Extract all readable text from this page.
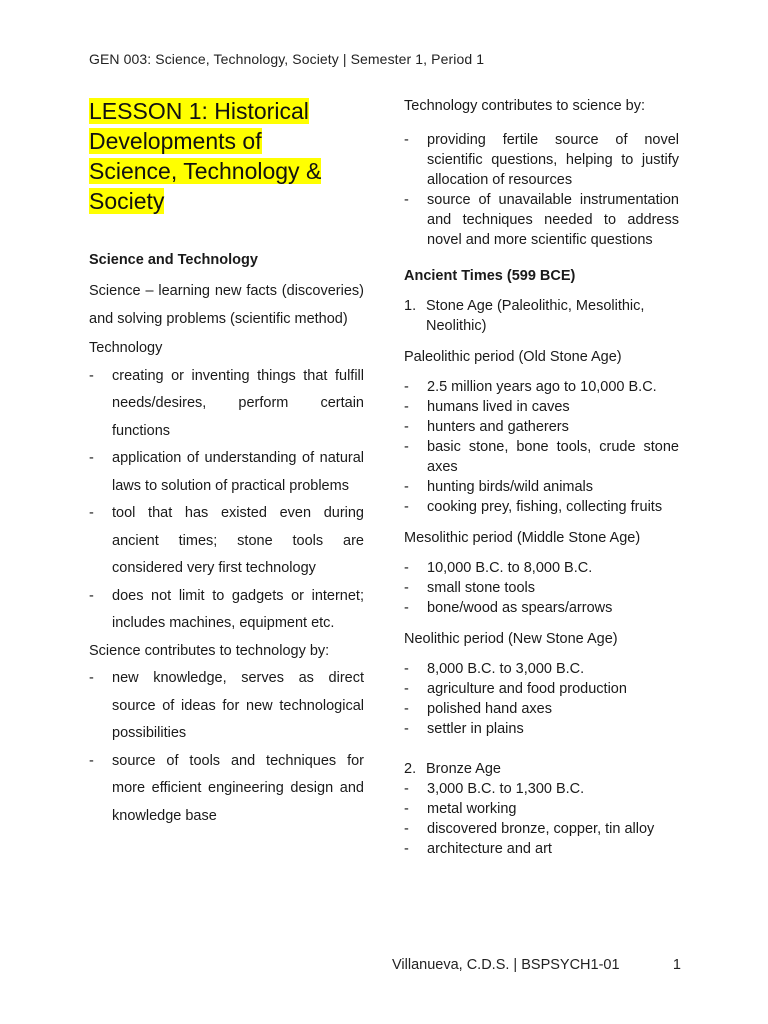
GEN 003: Science, Technology, Society | Semester 1, Period 1
LESSON 1: Historical
Developments of
Science, Technology &
Society
Science and Technology

Science – learning new facts (discoveries) and solving problems (scientific method)

Technology
- creating or inventing things that fulfill needs/desires, perform certain functions
- application of understanding of natural laws to solution of practical problems
- tool that has existed even during ancient times; stone tools are considered very first technology
- does not limit to gadgets or internet; includes machines, equipment etc.
Science contributes to technology by:
- new knowledge, serves as direct source of ideas for new technological possibilities
- source of tools and techniques for more efficient engineering design and knowledge base
Technology contributes to science by:
- providing fertile source of novel scientific questions, helping to justify allocation of resources
- source of unavailable instrumentation and techniques needed to address novel and more scientific questions
Ancient Times (599 BCE)
1. Stone Age (Paleolithic, Mesolithic, Neolithic)
Paleolithic period (Old Stone Age)
- 2.5 million years ago to 10,000 B.C.
- humans lived in caves
- hunters and gatherers
- basic stone, bone tools, crude stone axes
- hunting birds/wild animals
- cooking prey, fishing, collecting fruits
Mesolithic period (Middle Stone Age)
- 10,000 B.C. to 8,000 B.C.
- small stone tools
- bone/wood as spears/arrows
Neolithic period (New Stone Age)
- 8,000 B.C. to 3,000 B.C.
- agriculture and food production
- polished hand axes
- settler in plains
2. Bronze Age
- 3,000 B.C. to 1,300 B.C.
- metal working
- discovered bronze, copper, tin alloy
- architecture and art
Villanueva, C.D.S. | BSPSYCH1-01	1
